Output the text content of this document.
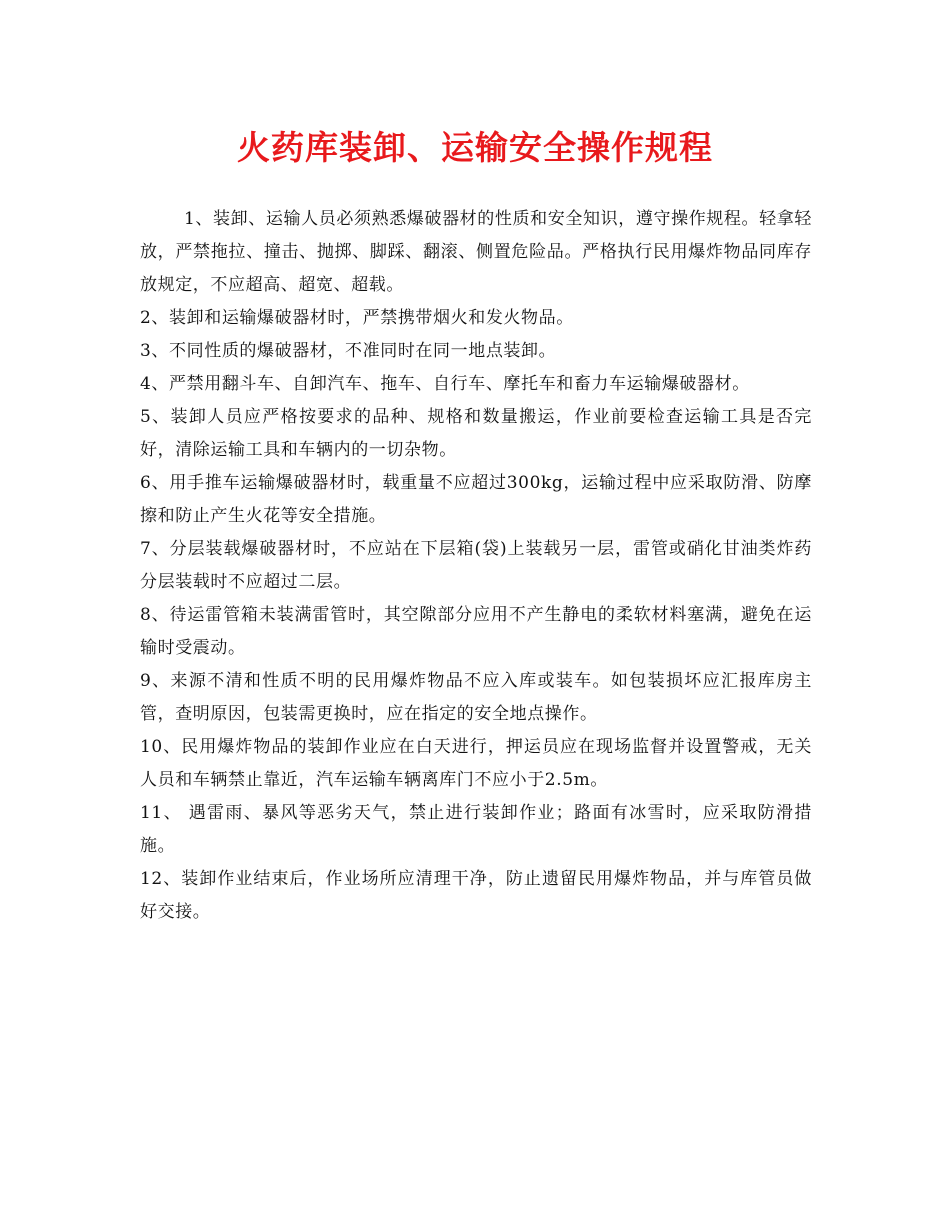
火药库装卸、运输安全操作规程

1、装卸、运输人员必须熟悉爆破器材的性质和安全知识，遵守操作规程。轻拿轻放，严禁拖拉、撞击、抛掷、脚踩、翻滚、侧置危险品。严格执行民用爆炸物品同库存放规定，不应超高、超宽、超载。

2、装卸和运输爆破器材时，严禁携带烟火和发火物品。

3、不同性质的爆破器材，不准同时在同一地点装卸。

4、严禁用翻斗车、自卸汽车、拖车、自行车、摩托车和畜力车运输爆破器材。

5、装卸人员应严格按要求的品种、规格和数量搬运，作业前要检查运输工具是否完好，清除运输工具和车辆内的一切杂物。

6、用手推车运输爆破器材时，载重量不应超过300kg，运输过程中应采取防滑、防摩擦和防止产生火花等安全措施。

7、分层装载爆破器材时，不应站在下层箱(袋)上装载另一层，雷管或硝化甘油类炸药分层装载时不应超过二层。

8、待运雷管箱未装满雷管时，其空隙部分应用不产生静电的柔软材料塞满，避免在运输时受震动。

9、来源不清和性质不明的民用爆炸物品不应入库或装车。如包装损坏应汇报库房主管，查明原因，包装需更换时，应在指定的安全地点操作。

10、民用爆炸物品的装卸作业应在白天进行，押运员应在现场监督并设置警戒，无关人员和车辆禁止靠近，汽车运输车辆离库门不应小于2.5m。

11、 遇雷雨、暴风等恶劣天气，禁止进行装卸作业；路面有冰雪时，应采取防滑措施。

12、装卸作业结束后，作业场所应清理干净，防止遗留民用爆炸物品，并与库管员做好交接。
